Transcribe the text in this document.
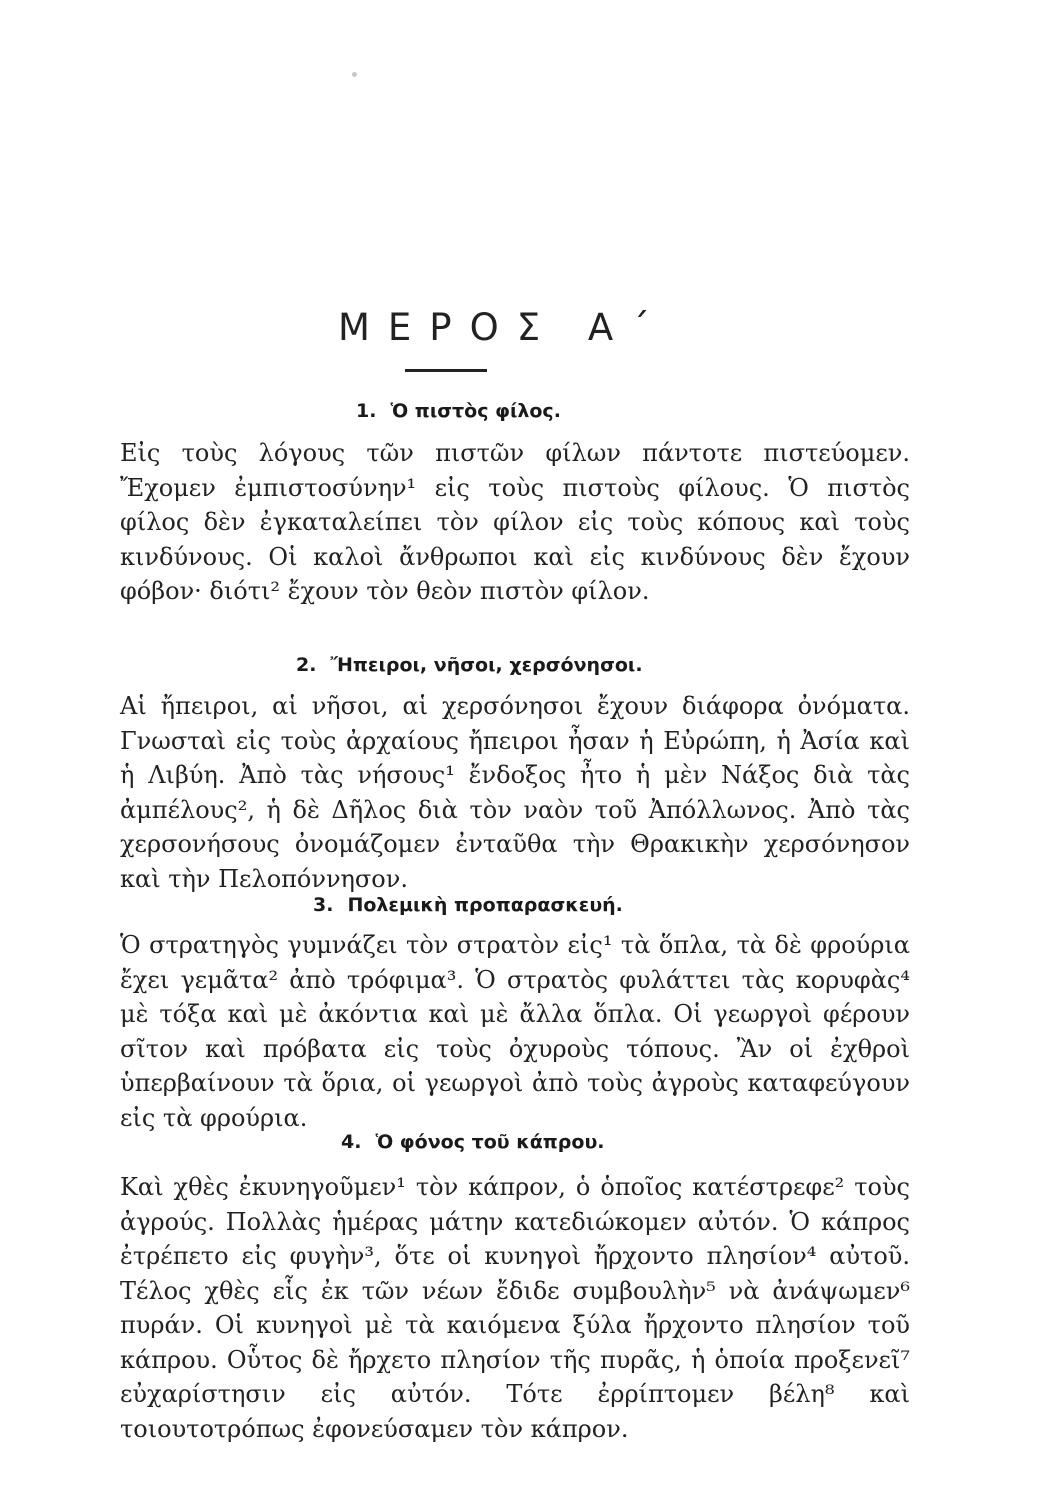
ΜΕΡΟΣ Α΄
1. Ὁ πιστὸς φίλος.

Εἰς τοὺς λόγους τῶν πιστῶν φίλων πάντοτε πιστεύομεν. Ἔχομεν ἐμπιστοσύνην¹ εἰς τοὺς πιστοὺς φίλους. Ὁ πιστὸς φίλος δὲν ἐγκαταλείπει τὸν φίλον εἰς τοὺς κόπους καὶ τοὺς κινδύνους. Οἱ καλοὶ ἄνθρωποι καὶ εἰς κινδύνους δὲν ἔχουν φόβον· διότι² ἔχουν τὸν θεὸν πιστὸν φίλον.

2. Ἤπειροι, νῆσοι, χερσόνησοι.

Αἱ ἤπειροι, αἱ νῆσοι, αἱ χερσόνησοι ἔχουν διάφορα ὀνόματα. Γνωσταὶ εἰς τοὺς ἀρχαίους ἤπειροι ἦσαν ἡ Εὐρώπη, ἡ Ἀσία καὶ ἡ Λιβύη. Ἀπὸ τὰς νήσους¹ ἔνδοξος ἦτο ἡ μὲν Νάξος διὰ τὰς ἀμπέλους², ἡ δὲ Δῆλος διὰ τὸν ναὸν τοῦ Ἀπόλλωνος. Ἀπὸ τὰς χερσονήσους ὀνομάζομεν ἐνταῦθα τὴν Θρακικὴν χερσόνησον καὶ τὴν Πελοπόννησον.

3. Πολεμικὴ προπαρασκευή.

Ὁ στρατηγὸς γυμνάζει τὸν στρατὸν εἰς¹ τὰ ὅπλα, τὰ δὲ φρούρια ἔχει γεμᾶτα² ἀπὸ τρόφιμα³. Ὁ στρατὸς φυλάττει τὰς κορυφὰς⁴ μὲ τόξα καὶ μὲ ἀκόντια καὶ μὲ ἄλλα ὅπλα. Οἱ γεωργοὶ φέρουν σῖτον καὶ πρόβατα εἰς τοὺς ὀχυροὺς τόπους. Ἂν οἱ ἐχθροὶ ὑπερβαίνουν τὰ ὅρια, οἱ γεωργοὶ ἀπὸ τοὺς ἀγροὺς καταφεύγουν εἰς τὰ φρούρια.

4. Ὁ φόνος τοῦ κάπρου.

Καὶ χθὲς ἐκυνηγοῦμεν¹ τὸν κάπρον, ὁ ὁποῖος κατέστρεφε² τοὺς ἀγρούς. Πολλὰς ἡμέρας μάτην κατεδιώκομεν αὐτόν. Ὁ κάπρος ἐτρέπετο εἰς φυγὴν³, ὅτε οἱ κυνηγοὶ ἤρχοντο πλησίον⁴ αὐτοῦ. Τέλος χθὲς εἷς ἐκ τῶν νέων ἔδιδε συμβουλὴν⁵ νὰ ἀνάψωμεν⁶ πυράν. Οἱ κυνηγοὶ μὲ τὰ καιόμενα ξύλα ἤρχοντο πλησίον τοῦ κάπρου. Οὗτος δὲ ἤρχετο πλησίον τῆς πυρᾶς, ἡ ὁποία προξενεῖ⁷ εὐχαρίστησιν εἰς αὐτόν. Τότε ἐρρίπτομεν βέλη⁸ καὶ τοιουτοτρόπως ἐφονεύσαμεν τὸν κάπρον.
